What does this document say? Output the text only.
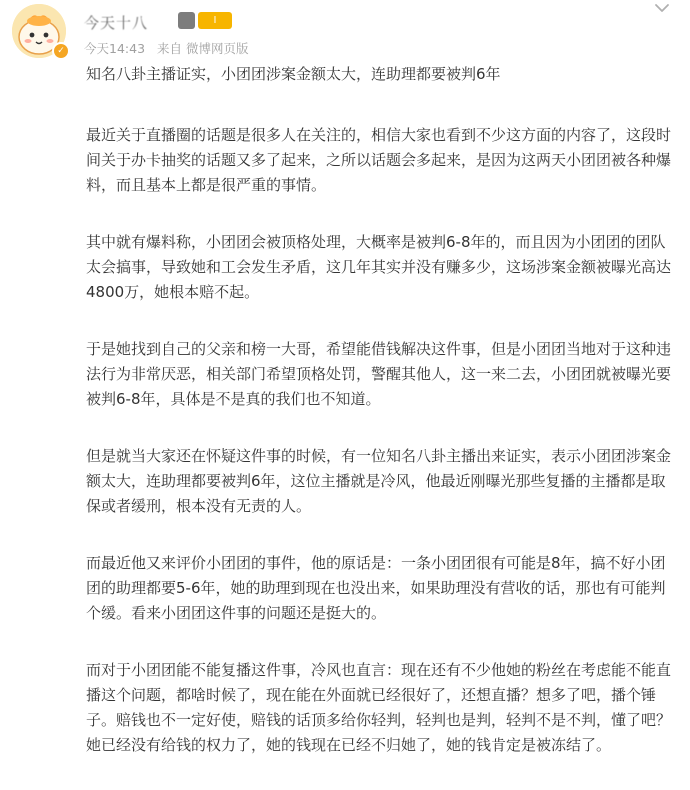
✓
今天十八	I
今天14:43 来自 微博网页版

知名八卦主播证实，小团团涉案金额太大，连助理都要被判6年

最近关于直播圈的话题是很多人在关注的，相信大家也看到不少这方面的内容了，这段时间关于办卡抽奖的话题又多了起来，之所以话题会多起来，是因为这两天小团团被各种爆料，而且基本上都是很严重的事情。

其中就有爆料称，小团团会被顶格处理，大概率是被判6-8年的，而且因为小团团的团队太会搞事，导致她和工会发生矛盾，这几年其实并没有赚多少，这场涉案金额被曝光高达4800万，她根本赔不起。

于是她找到自己的父亲和榜一大哥，希望能借钱解决这件事，但是小团团当地对于这种违法行为非常厌恶，相关部门希望顶格处罚，警醒其他人，这一来二去，小团团就被曝光要被判6-8年，具体是不是真的我们也不知道。

但是就当大家还在怀疑这件事的时候，有一位知名八卦主播出来证实，表示小团团涉案金额太大，连助理都要被判6年，这位主播就是冷风，他最近刚曝光那些复播的主播都是取保或者缓刑，根本没有无责的人。

而最近他又来评价小团团的事件，他的原话是：一条小团团很有可能是8年，搞不好小团团的助理都要5-6年，她的助理到现在也没出来，如果助理没有营收的话，那也有可能判个缓。看来小团团这件事的问题还是挺大的。

而对于小团团能不能复播这件事，冷风也直言：现在还有不少他她的粉丝在考虑能不能直播这个问题，都啥时候了，现在能在外面就已经很好了，还想直播？想多了吧，播个锤子。赔钱也不一定好使，赔钱的话顶多给你轻判，轻判也是判，轻判不是不判，懂了吧？她已经没有给钱的权力了，她的钱现在已经不归她了，她的钱肯定是被冻结了。
